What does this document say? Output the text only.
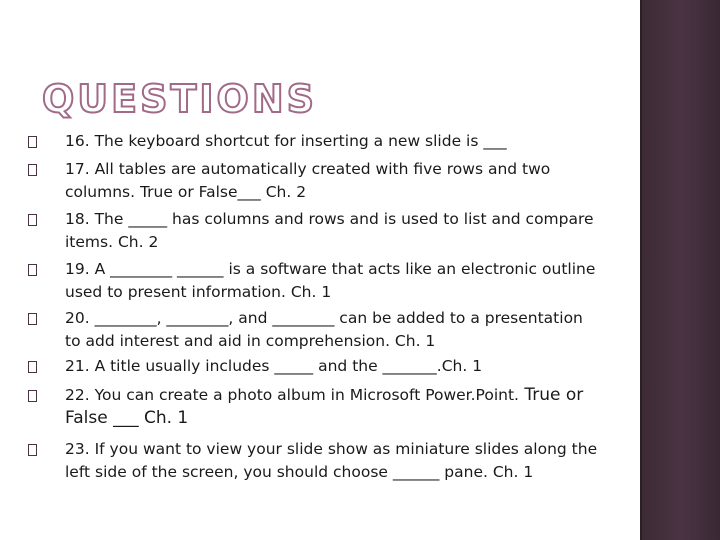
QUESTIONS
16. The keyboard shortcut for inserting a new slide is ___
17. All tables are automatically created with five rows and two columns. True or False___ Ch. 2
18. The _____ has columns and rows and is used to list and compare items. Ch. 2
19. A ________ ______ is a software that acts like an electronic outline used to present information. Ch. 1
20. ________, ________, and ________ can be added to a presentation to add interest and aid in comprehension. Ch. 1
21. A title usually includes _____ and the _______.Ch. 1
22. You can create a photo album in Microsoft Power.Point. True or False ___ Ch. 1
23. If you want to view your slide show as miniature slides along the left side of the screen, you should choose ______ pane. Ch. 1
